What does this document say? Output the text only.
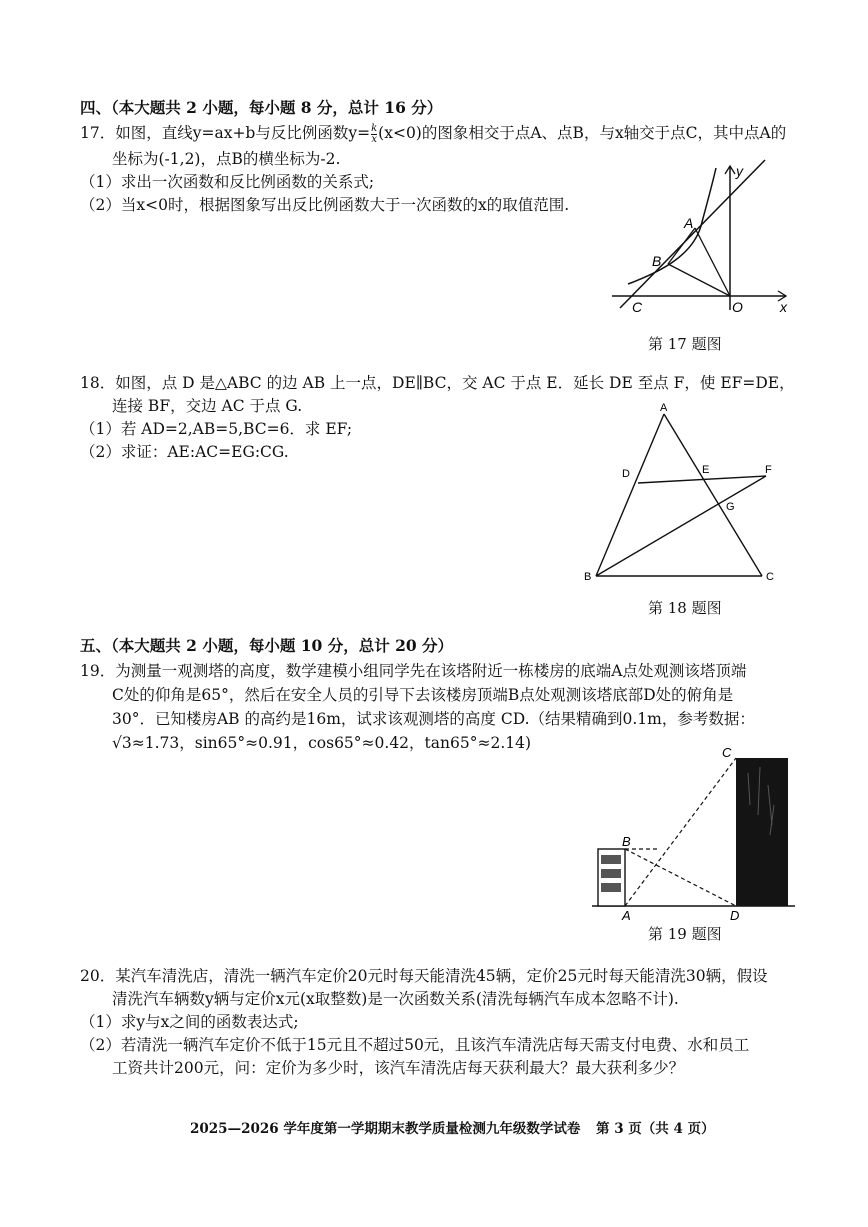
四、（本大题共 2 小题，每小题 8 分，总计 16 分）
17．如图，直线y=ax+b与反比例函数$y= \frac{k}{x} (x<0)$的图象相交于点A、点B，与x轴交于点C，其中点A的
坐标为(-1,2)，点B的横坐标为-2.
（1）求出一次函数和反比例函数的关系式;
（2）当x<0时，根据图象写出反比例函数大于一次函数的x的取值范围.
y
A
B
C	O	x
第 17 题图
18．如图，点 D 是△ABC 的边 AB 上一点，DE∥BC，交 AC 于点 E．延长 DE 至点 F，使 EF=DE，
连接 BF，交边 AC 于点 G.
（1）若 AD=2,AB=5,BC=6．求 EF;
（2）求证：AE:AC=EG:CG.
A
D	E	F
G
B	C
第 18 题图
五、（本大题共 2 小题，每小题 10 分，总计 20 分）
19．为测量一观测塔的高度，数学建模小组同学先在该塔附近一栋楼房的底端A点处观测该塔顶端
C处的仰角是65°，然后在安全人员的引导下去该楼房顶端B点处观测该塔底部D处的俯角是
30°．已知楼房AB 的高约是16m，试求该观测塔的高度 CD.（结果精确到0.1m，参考数据：
√3≈1.73，sin65°≈0.91，cos65°≈0.42，tan65°≈2.14)
C
B
A	D
第 19 题图
20．某汽车清洗店，清洗一辆汽车定价20元时每天能清洗45辆，定价25元时每天能清洗30辆，假设
清洗汽车辆数y辆与定价x元(x取整数)是一次函数关系(清洗每辆汽车成本忽略不计).
（1）求y与x之间的函数表达式;
（2）若清洗一辆汽车定价不低于15元且不超过50元，且该汽车清洗店每天需支付电费、水和员工
工资共计200元，问：定价为多少时，该汽车清洗店每天获利最大？最大获利多少？
2025—2026 学年度第一学期期末教学质量检测九年级数学试卷 第 3 页（共 4 页）
